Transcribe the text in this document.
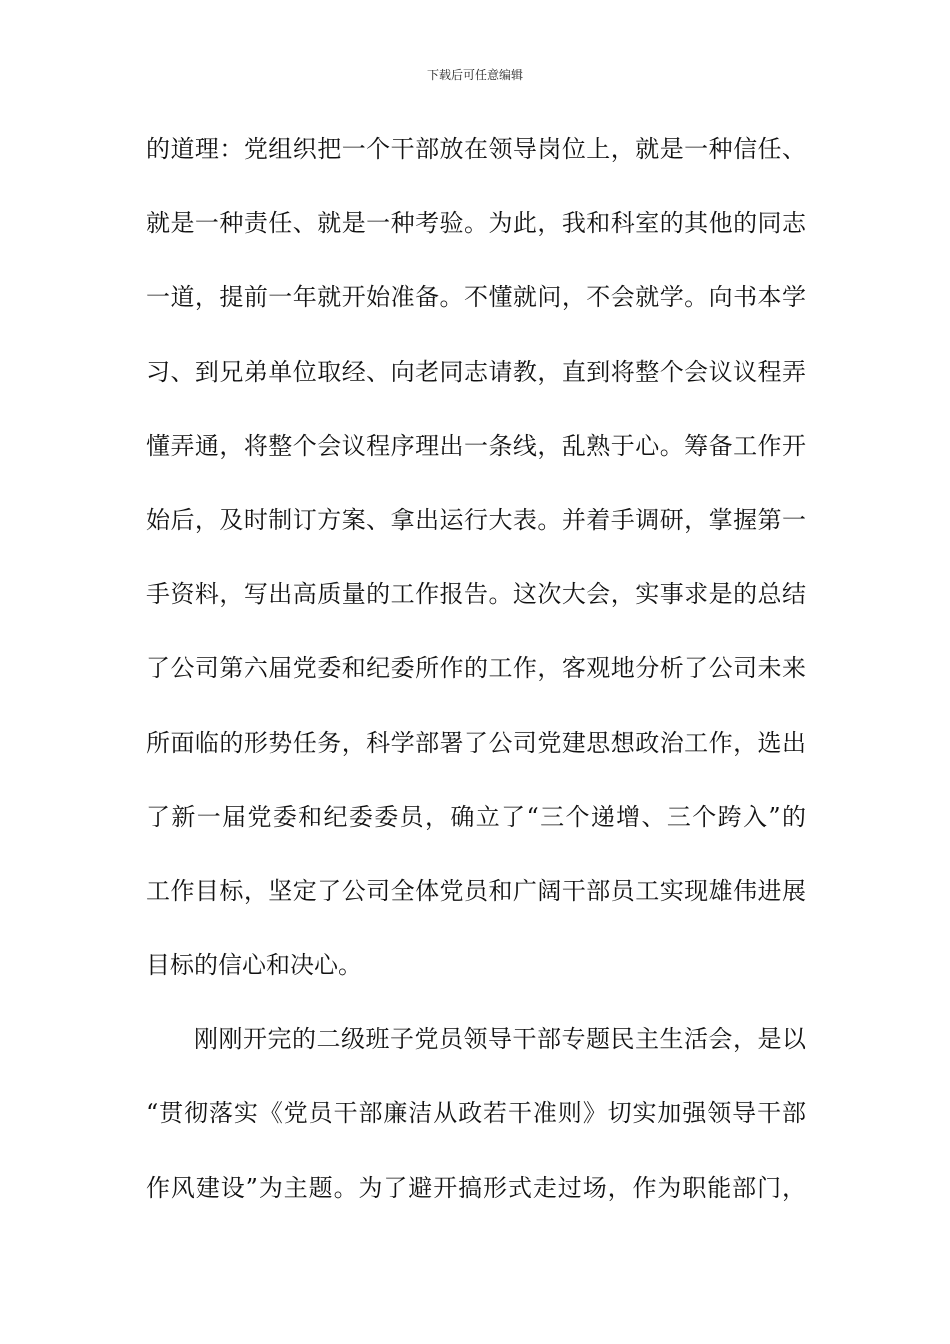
下载后可任意编辑
的道理：党组织把一个干部放在领导岗位上，就是一种信任、
就是一种责任、就是一种考验。为此，我和科室的其他的同志
一道，提前一年就开始准备。不懂就问，不会就学。向书本学
习、到兄弟单位取经、向老同志请教，直到将整个会议议程弄
懂弄通，将整个会议程序理出一条线，乱熟于心。筹备工作开
始后，及时制订方案、拿出运行大表。并着手调研，掌握第一
手资料，写出高质量的工作报告。这次大会，实事求是的总结
了公司第六届党委和纪委所作的工作，客观地分析了公司未来
所面临的形势任务，科学部署了公司党建思想政治工作，选出
了新一届党委和纪委委员，确立了“三个递增、三个跨入”的
工作目标，坚定了公司全体党员和广阔干部员工实现雄伟进展
目标的信心和决心。
刚刚开完的二级班子党员领导干部专题民主生活会，是以
“贯彻落实《党员干部廉洁从政若干准则》切实加强领导干部
作风建设”为主题。为了避开搞形式走过场，作为职能部门，
